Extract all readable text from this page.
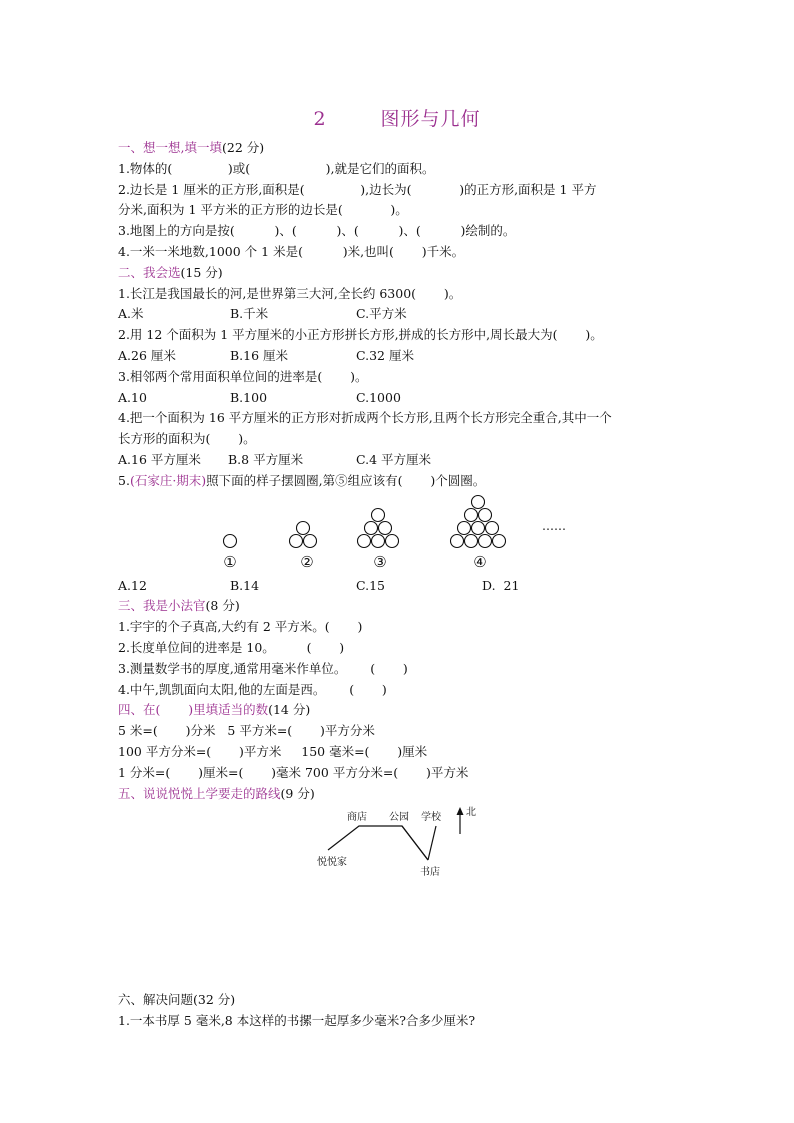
2	图形与几何

一、想一想,填一填(22 分)

1.物体的(              )或(                   ),就是它们的面积。

2.边长是 1 厘米的正方形,面积是(              ),边长为(            )的正方形,面积是 1 平方

分米,面积为 1 平方米的正方形的边长是(            )。

3.地图上的方向是按(          )、(          )、(          )、(          )绘制的。

4.一米一米地数,1000 个 1 米是(          )米,也叫(       )千米。

二、我会选(15 分)

1.长江是我国最长的河,是世界第三大河,全长约 6300(       )。

A.米	B.千米	C.平方米

2.用 12 个面积为 1 平方厘米的小正方形拼长方形,拼成的长方形中,周长最大为(       )。

A.26 厘米	B.16 厘米	C.32 厘米

3.相邻两个常用面积单位间的进率是(       )。

A.10	B.100	C.1000

4.把一个面积为 16 平方厘米的正方形对折成两个长方形,且两个长方形完全重合,其中一个

长方形的面积为(       )。

A.16 平方厘米	B.8 平方厘米	C.4 平方厘米

5.(石家庄·期末)照下面的样子摆圆圈,第⑤组应该有(       )个圆圈。

①	②	③	④
……
A.12	B.14	C.15	D.  21

三、我是小法官(8 分)

1.宇宇的个子真高,大约有 2 平方米。(       )

2.长度单位间的进率是 10。        (       )

3.测量数学书的厚度,通常用毫米作单位。      (       )

4.中午,凯凯面向太阳,他的左面是西。      (       )

四、在(       )里填适当的数(14 分)

5 米=(       )分米   5 平方米=(       )平方分米

100 平方分米=(       )平方米     150 毫米=(       )厘米

1 分米=(       )厘米=(       )毫米 700 平方分米=(       )平方米

五、说说悦悦上学要走的路线(9 分)

商店 公园 学校	北
悦悦家
书店

六、解决问题(32 分)

1.一本书厚 5 毫米,8 本这样的书摞一起厚多少毫米?合多少厘米?
